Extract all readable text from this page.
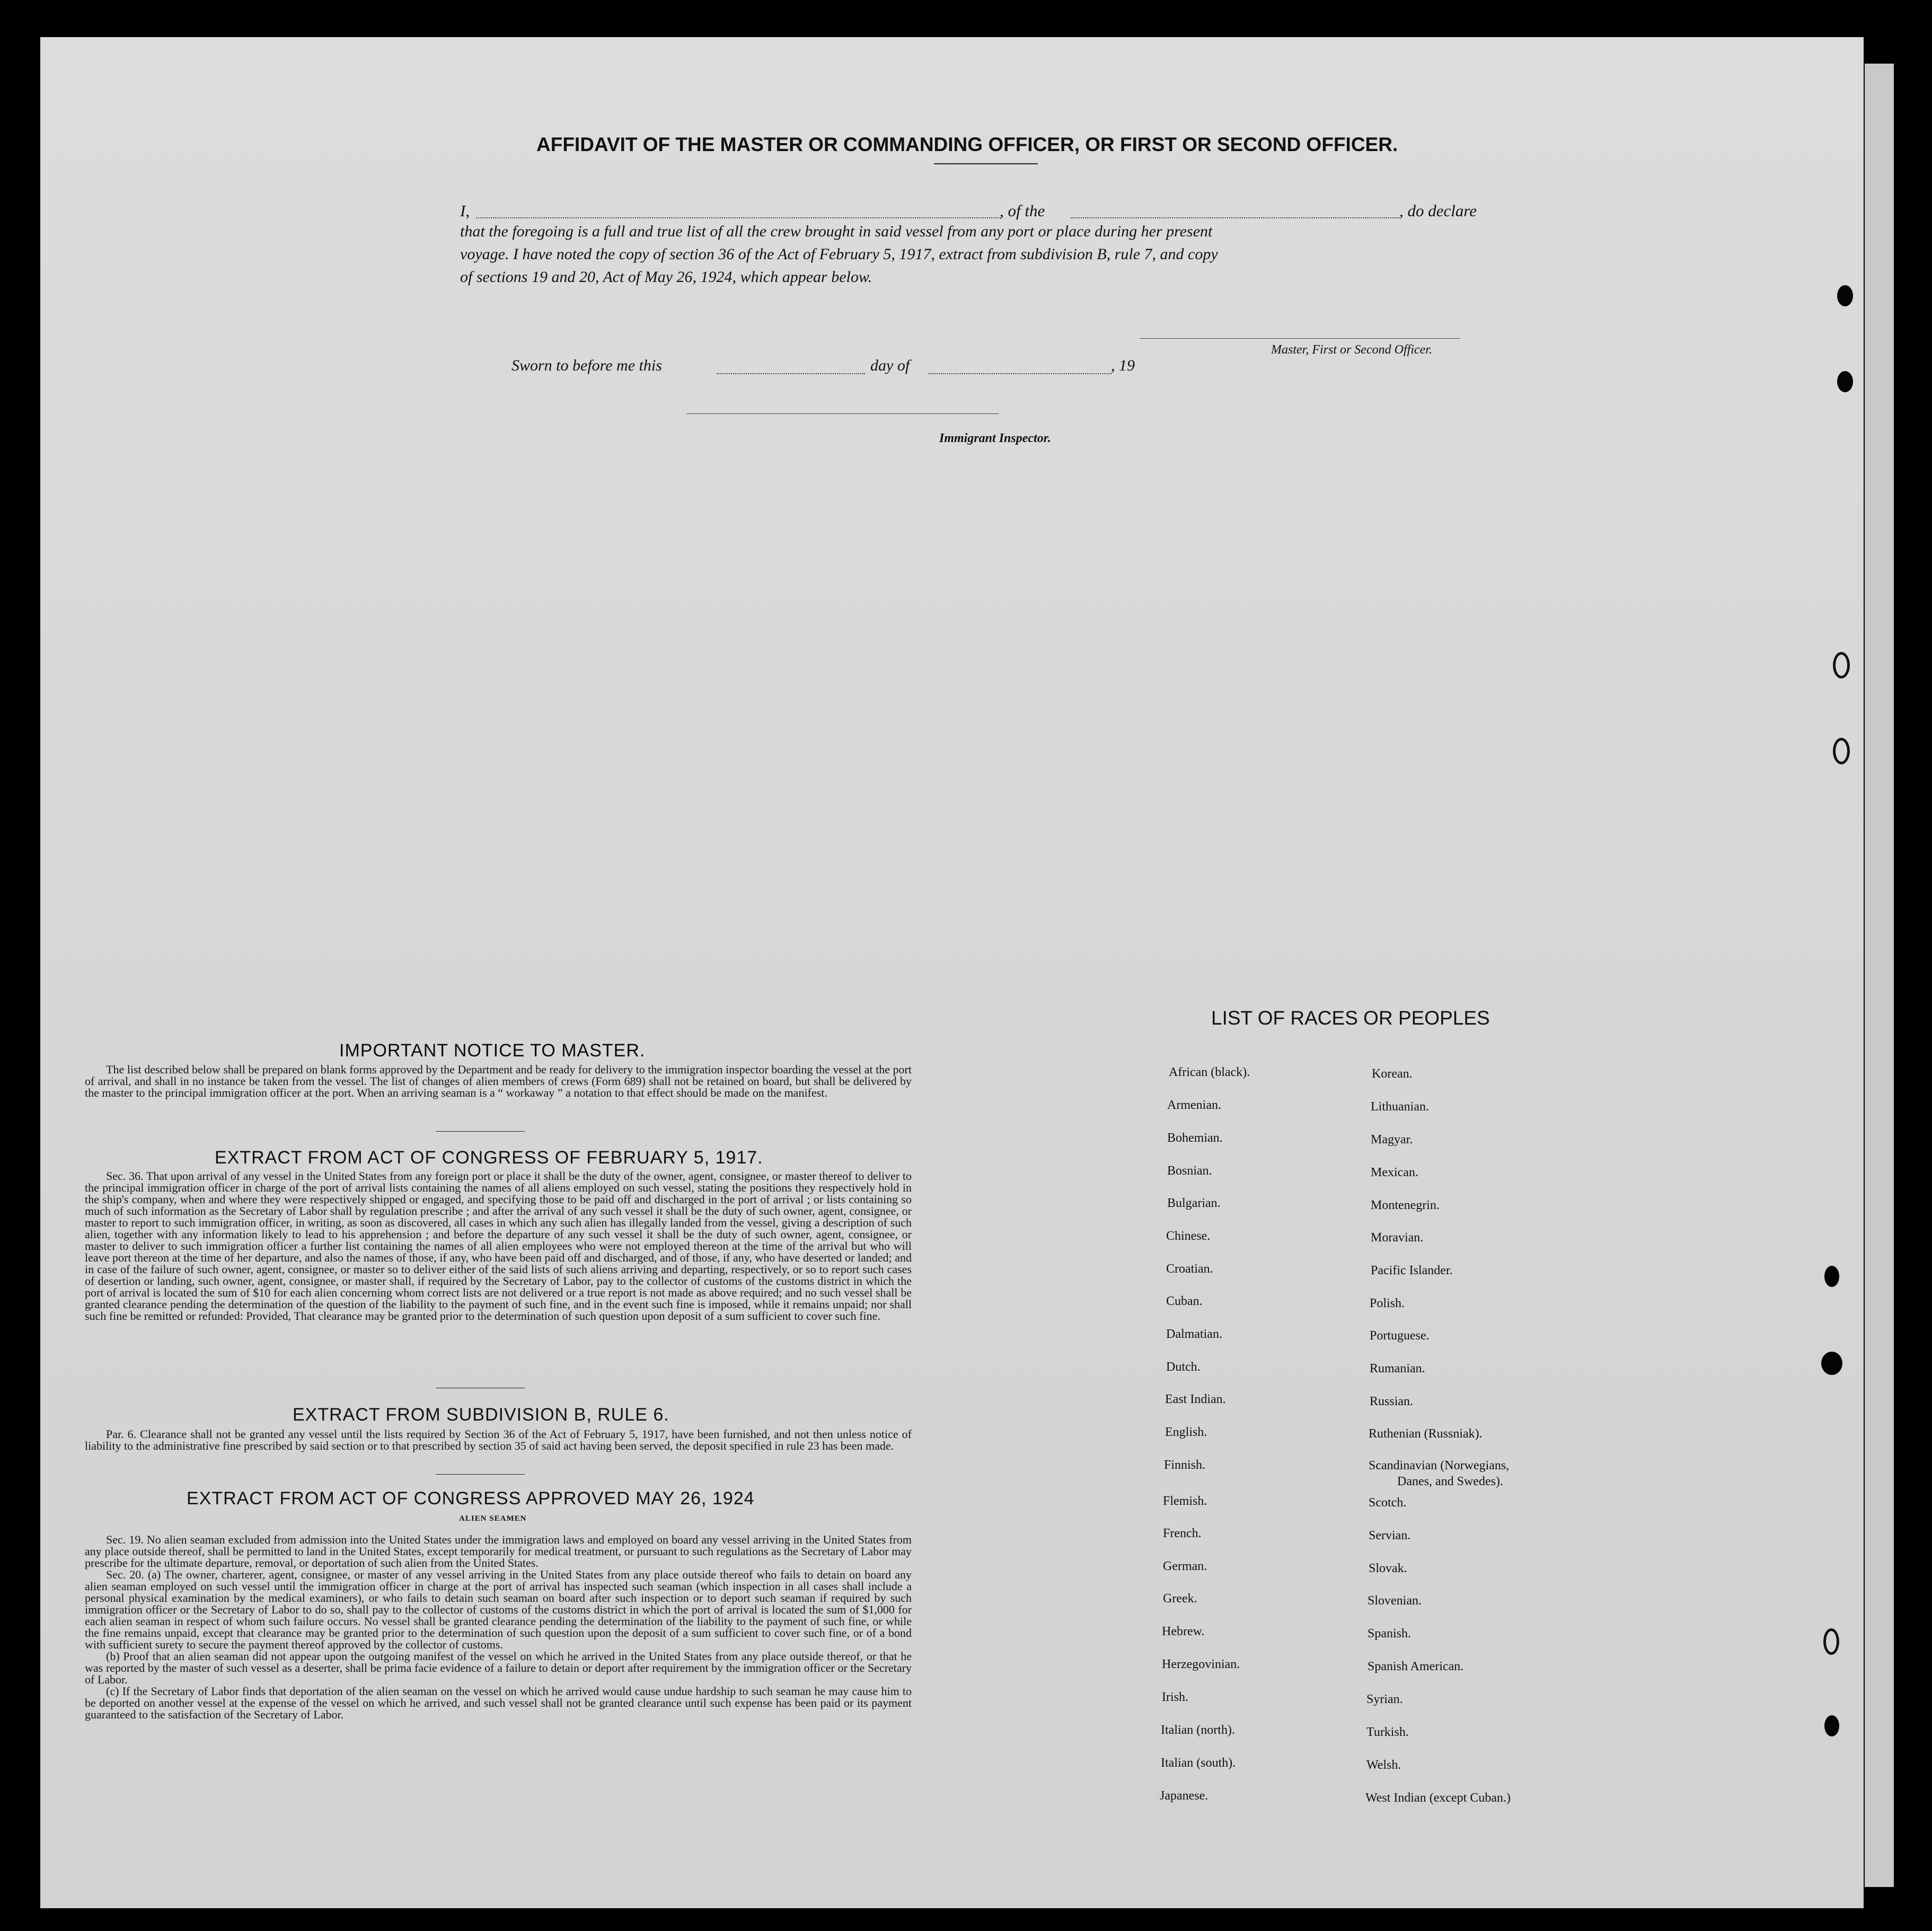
AFFIDAVIT OF THE MASTER OR COMMANDING OFFICER, OR FIRST OR SECOND OFFICER.
I,	, of the	, do declare
that the foregoing is a full and true list of all the crew brought in said vessel from any port or place during her present
voyage. I have noted the copy of section 36 of the Act of February 5, 1917, extract from subdivision B, rule 7, and copy
of sections 19 and 20, Act of May 26, 1924, which appear below.
Master, First or Second Officer.
Sworn to before me this	day of	, 19
Immigrant Inspector.
IMPORTANT NOTICE TO MASTER.

The list described below shall be prepared on blank forms approved by the Department and be ready for delivery to the immigration inspector boarding the vessel at the port of arrival, and shall in no instance be taken from the vessel. The list of changes of alien members of crews (Form 689) shall not be retained on board, but shall be delivered by the master to the principal immigration officer at the port. When an arriving seaman is a “ workaway ” a notation to that effect should be made on the manifest.

EXTRACT FROM ACT OF CONGRESS OF FEBRUARY 5, 1917.

Sec. 36. That upon arrival of any vessel in the United States from any foreign port or place it shall be the duty of the owner, agent, consignee, or master thereof to deliver to the principal immigration officer in charge of the port of arrival lists containing the names of all aliens employed on such vessel, stating the positions they respectively hold in the ship's company, when and where they were respectively shipped or engaged, and specifying those to be paid off and discharged in the port of arrival ; or lists containing so much of such information as the Secretary of Labor shall by regulation prescribe ; and after the arrival of any such vessel it shall be the duty of such owner, agent, consignee, or master to report to such immigration officer, in writing, as soon as discovered, all cases in which any such alien has illegally landed from the vessel, giving a description of such alien, together with any information likely to lead to his apprehension ; and before the departure of any such vessel it shall be the duty of such owner, agent, consignee, or master to deliver to such immigration officer a further list containing the names of all alien employees who were not employed thereon at the time of the arrival but who will leave port thereon at the time of her departure, and also the names of those, if any, who have been paid off and discharged, and of those, if any, who have deserted or landed; and in case of the failure of such owner, agent, consignee, or master so to deliver either of the said lists of such aliens arriving and departing, respectively, or so to report such cases of desertion or landing, such owner, agent, consignee, or master shall, if required by the Secretary of Labor, pay to the collector of customs of the customs district in which the port of arrival is located the sum of $10 for each alien concerning whom correct lists are not delivered or a true report is not made as above required; and no such vessel shall be granted clearance pending the determination of the question of the liability to the payment of such fine, and in the event such fine is imposed, while it remains unpaid; nor shall such fine be remitted or refunded: Provided, That clearance may be granted prior to the determination of such question upon deposit of a sum sufficient to cover such fine.

EXTRACT FROM SUBDIVISION B, RULE 6.

Par. 6. Clearance shall not be granted any vessel until the lists required by Section 36 of the Act of February 5, 1917, have been furnished, and not then unless notice of liability to the administrative fine prescribed by said section or to that prescribed by section 35 of said act having been served, the deposit specified in rule 23 has been made.

EXTRACT FROM ACT OF CONGRESS APPROVED MAY 26, 1924
ALIEN SEAMEN

Sec. 19. No alien seaman excluded from admission into the United States under the immigration laws and employed on board any vessel arriving in the United States from any place outside thereof, shall be permitted to land in the United States, except temporarily for medical treatment, or pursuant to such regulations as the Secretary of Labor may prescribe for the ultimate departure, removal, or deportation of such alien from the United States.

Sec. 20. (a) The owner, charterer, agent, consignee, or master of any vessel arriving in the United States from any place outside thereof who fails to detain on board any alien seaman employed on such vessel until the immigration officer in charge at the port of arrival has inspected such seaman (which inspection in all cases shall include a personal physical examination by the medical examiners), or who fails to detain such seaman on board after such inspection or to deport such seaman if required by such immigration officer or the Secretary of Labor to do so, shall pay to the collector of customs of the customs district in which the port of arrival is located the sum of $1,000 for each alien seaman in respect of whom such failure occurs. No vessel shall be granted clearance pending the determination of the liability to the payment of such fine, or while the fine remains unpaid, except that clearance may be granted prior to the determination of such question upon the deposit of a sum sufficient to cover such fine, or of a bond with sufficient surety to secure the payment thereof approved by the collector of customs.

(b) Proof that an alien seaman did not appear upon the outgoing manifest of the vessel on which he arrived in the United States from any place outside thereof, or that he was reported by the master of such vessel as a deserter, shall be prima facie evidence of a failure to detain or deport after requirement by the immigration officer or the Secretary of Labor.

(c) If the Secretary of Labor finds that deportation of the alien seaman on the vessel on which he arrived would cause undue hardship to such seaman he may cause him to be deported on another vessel at the expense of the vessel on which he arrived, and such vessel shall not be granted clearance until such expense has been paid or its payment guaranteed to the satisfaction of the Secretary of Labor.

LIST OF RACES OR PEOPLES
African (black).
Armenian.
Bohemian.
Bosnian.
Bulgarian.
Chinese.
Croatian.
Cuban.
Dalmatian.
Dutch.
East Indian.
English.
Finnish.
Flemish.
French.
German.
Greek.
Hebrew.
Herzegovinian.
Irish.
Italian (north).
Italian (south).
Japanese.
Korean.
Lithuanian.
Magyar.
Mexican.
Montenegrin.
Moravian.
Pacific Islander.
Polish.
Portuguese.
Rumanian.
Russian.
Ruthenian (Russniak).
Scandinavian (Norwegians,
Danes, and Swedes).
Scotch.
Servian.
Slovak.
Slovenian.
Spanish.
Spanish American.
Syrian.
Turkish.
Welsh.
West Indian (except Cuban.)
